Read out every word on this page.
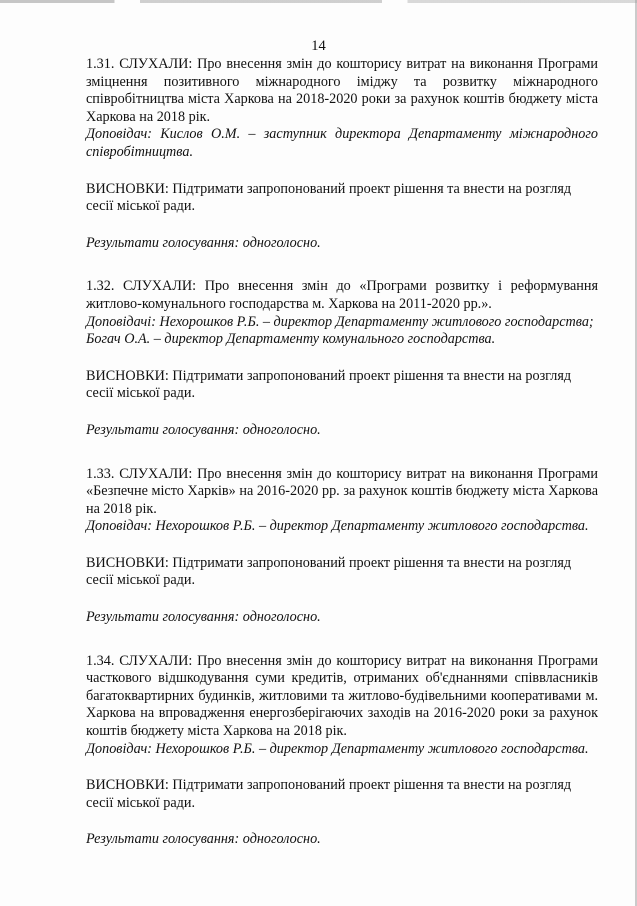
14

1.31. СЛУХАЛИ: Про внесення змін до кошторису витрат на виконання Програми зміцнення позитивного міжнародного іміджу та розвитку міжнародного співробітництва міста Харкова на 2018-2020 роки за рахунок коштів бюджету міста Харкова на 2018 рік.

Доповідач: Кислов О.М. – заступник директора Департаменту міжнародного співробітництва.

ВИСНОВКИ: Підтримати запропонований проект рішення та внести на розгляд сесії міської ради.

Результати голосування: одноголосно.

1.32. СЛУХАЛИ: Про внесення змін до «Програми розвитку і реформування житлово-комунального господарства м. Харкова на 2011-2020 рр.».

Доповідачі: Нехорошков Р.Б. – директор Департаменту житлового господарства;

Богач О.А. – директор Департаменту комунального господарства.

ВИСНОВКИ: Підтримати запропонований проект рішення та внести на розгляд сесії міської ради.

Результати голосування: одноголосно.

1.33. СЛУХАЛИ: Про внесення змін до кошторису витрат на виконання Програми «Безпечне місто Харків» на 2016-2020 рр. за рахунок коштів бюджету міста Харкова на 2018 рік.

Доповідач: Нехорошков Р.Б. – директор Департаменту житлового господарства.

ВИСНОВКИ: Підтримати запропонований проект рішення та внести на розгляд сесії міської ради.

Результати голосування: одноголосно.

1.34. СЛУХАЛИ: Про внесення змін до кошторису витрат на виконання Програми часткового відшкодування суми кредитів, отриманих об'єднаннями співвласників багатоквартирних будинків, житловими та житлово-будівельними кооперативами м. Харкова на впровадження енергозберігаючих заходів на 2016-2020 роки за рахунок коштів бюджету міста Харкова на 2018 рік.

Доповідач: Нехорошков Р.Б. – директор Департаменту житлового господарства.

ВИСНОВКИ: Підтримати запропонований проект рішення та внести на розгляд сесії міської ради.

Результати голосування: одноголосно.
